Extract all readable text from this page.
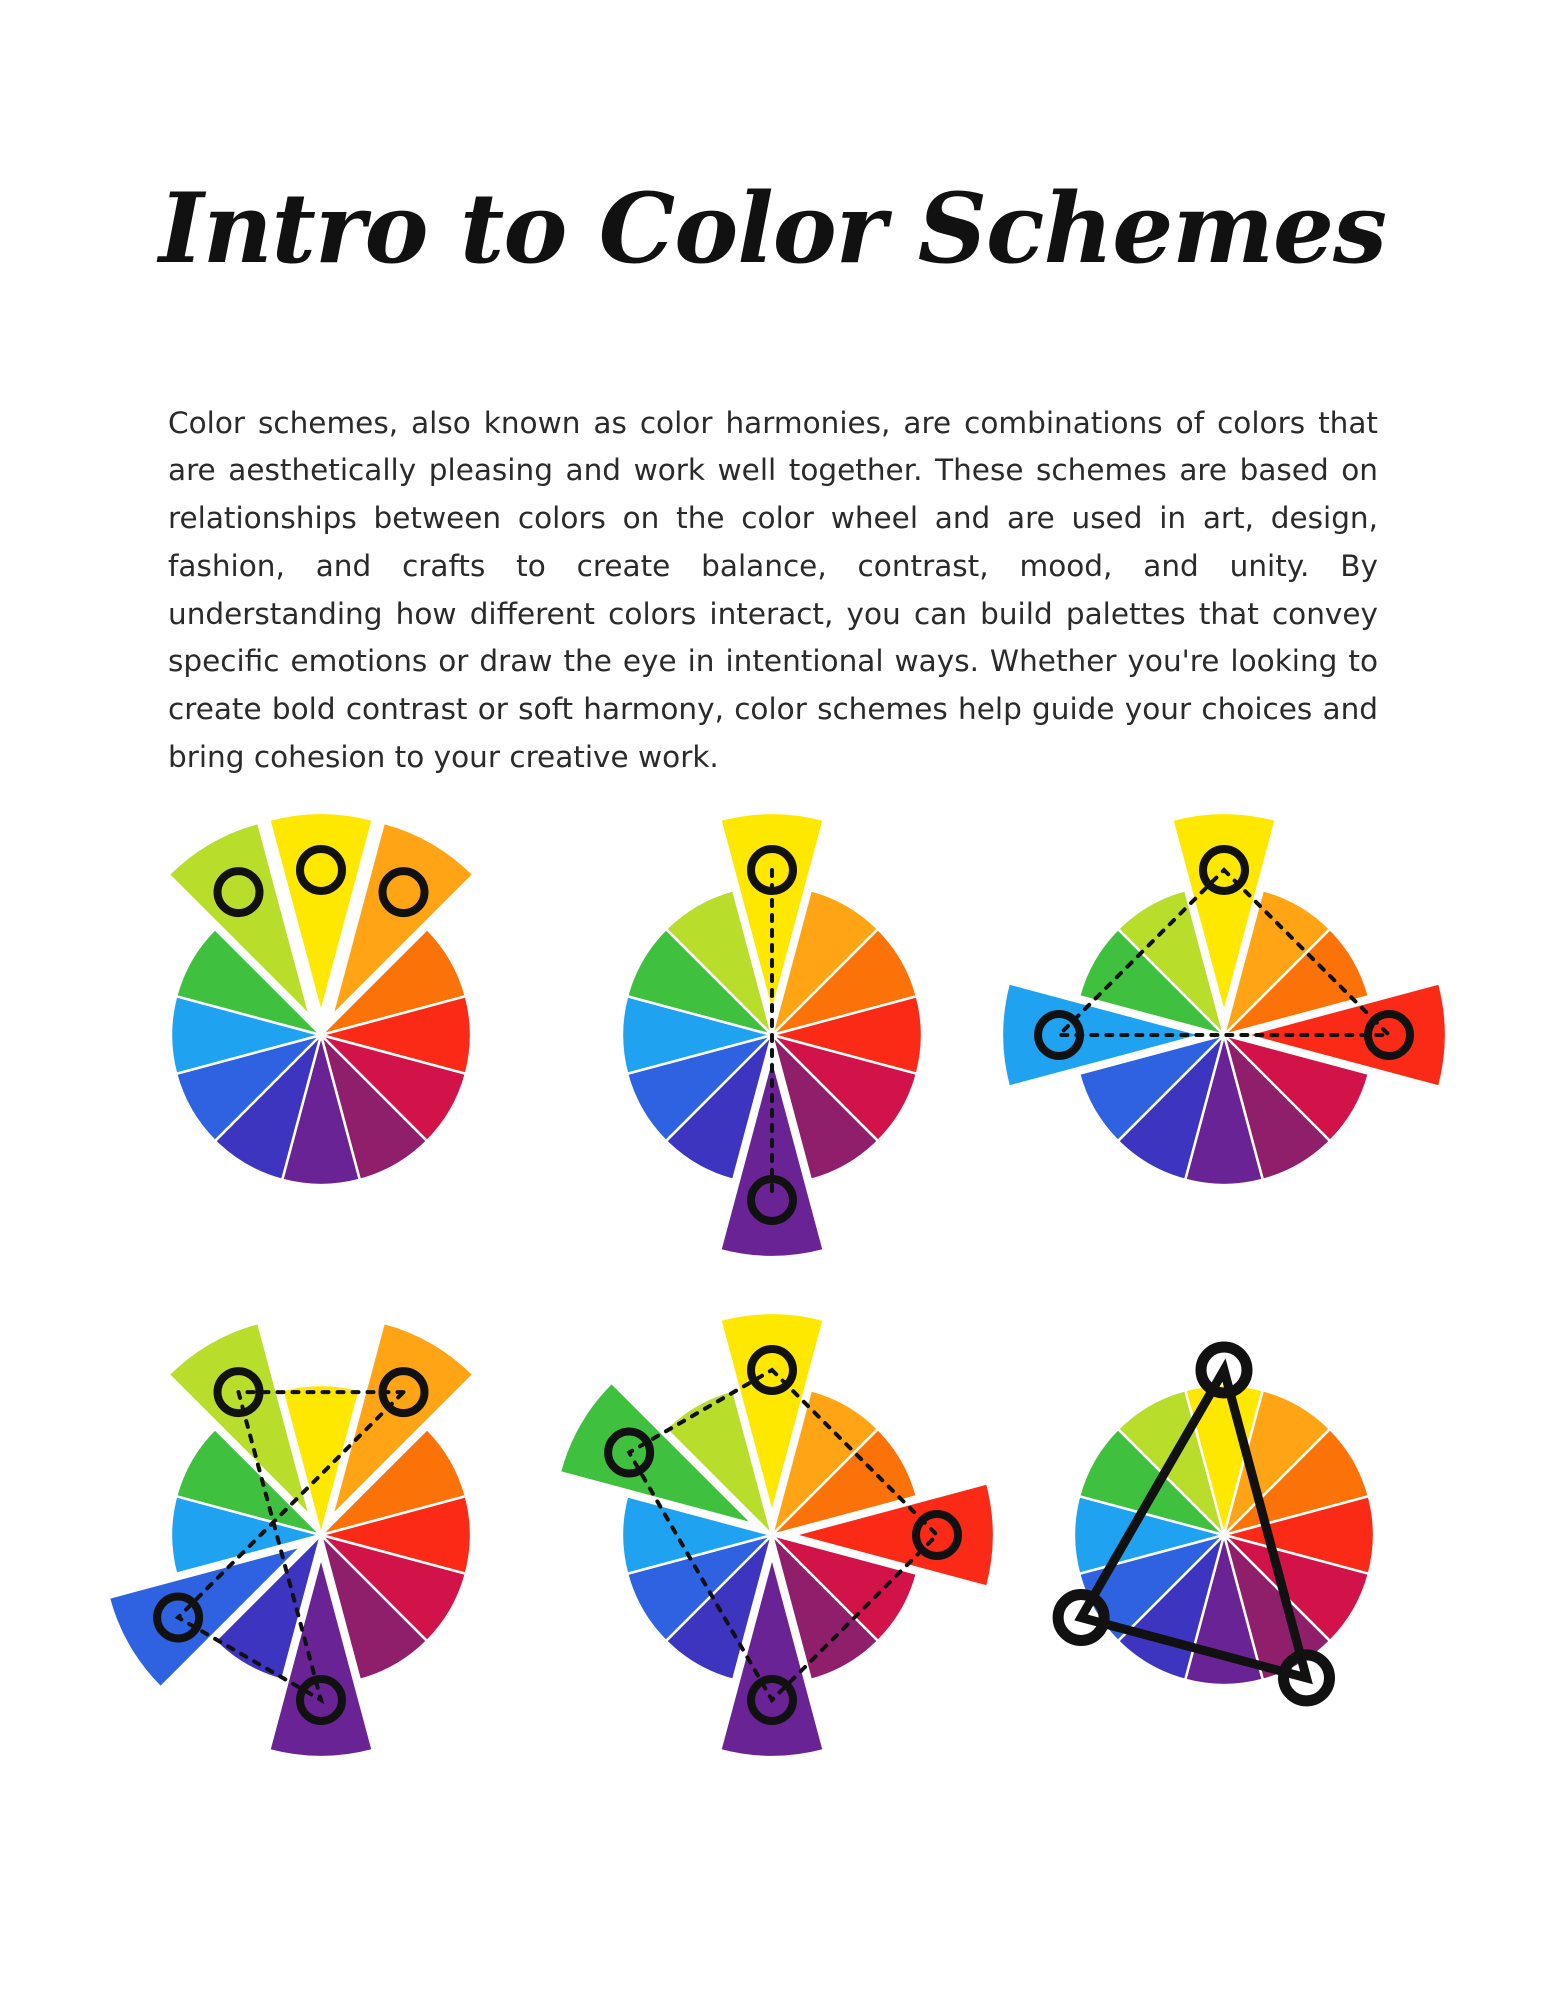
Intro to Color Schemes

Color schemes, also known as color harmonies, are combinations of colors that are aesthetically pleasing and work well together. These schemes are based on relationships between colors on the color wheel and are used in art, design, fashion, and crafts to create balance, contrast, mood, and unity. By understanding how different colors interact, you can build palettes that convey specific emotions or draw the eye in intentional ways. Whether you're looking to create bold contrast or soft harmony, color schemes help guide your choices and bring cohesion to your creative work.
